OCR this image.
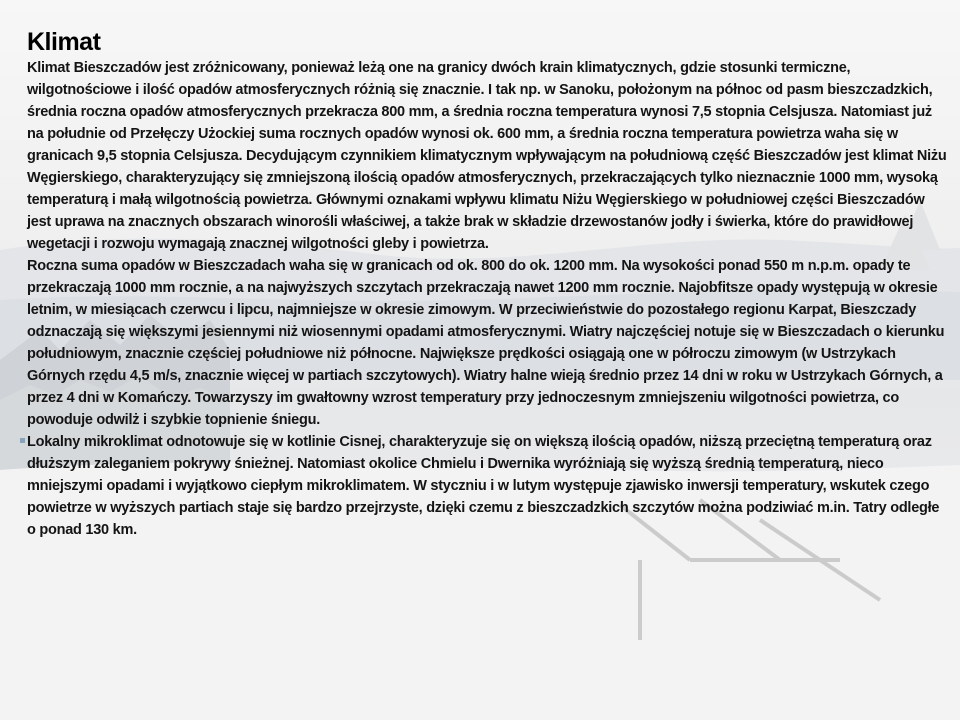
Klimat

Klimat Bieszczadów jest zróżnicowany, ponieważ leżą one na granicy dwóch krain klimatycznych, gdzie stosunki termiczne, wilgotnościowe i ilość opadów atmosferycznych różnią się znacznie. I tak np. w Sanoku, położonym na północ od pasm bieszczadzkich, średnia roczna opadów atmosferycznych przekracza 800 mm, a średnia roczna temperatura wynosi 7,5 stopnia Celsjusza. Natomiast już na południe od Przełęczy Użockiej suma rocznych opadów wynosi ok. 600 mm, a średnia roczna temperatura powietrza waha się w granicach 9,5 stopnia Celsjusza. Decydującym czynnikiem klimatycznym wpływającym na południową część Bieszczadów jest klimat Niżu Węgierskiego, charakteryzujący się zmniejszoną ilością opadów atmosferycznych, przekraczających tylko nieznacznie 1000 mm, wysoką temperaturą i małą wilgotnością powietrza. Głównymi oznakami wpływu klimatu Niżu Węgierskiego w południowej części Bieszczadów jest uprawa na znacznych obszarach winorośli właściwej, a także brak w składzie drzewostanów jodły i świerka, które do prawidłowej wegetacji i rozwoju wymagają znacznej wilgotności gleby i powietrza.

Roczna suma opadów w Bieszczadach waha się w granicach od ok. 800 do ok. 1200 mm. Na wysokości ponad 550 m n.p.m. opady te przekraczają 1000 mm rocznie, a na najwyższych szczytach przekraczają nawet 1200 mm rocznie. Najobfitsze opady występują w okresie letnim, w miesiącach czerwcu i lipcu, najmniejsze w okresie zimowym. W przeciwieństwie do pozostałego regionu Karpat, Bieszczady odznaczają się większymi jesiennymi niż wiosennymi opadami atmosferycznymi. Wiatry najczęściej notuje się w Bieszczadach o kierunku południowym, znacznie częściej południowe niż północne. Największe prędkości osiągają one w półroczu zimowym (w Ustrzykach Górnych rzędu 4,5 m/s, znacznie więcej w partiach szczytowych). Wiatry halne wieją średnio przez 14 dni w roku w Ustrzykach Górnych, a przez 4 dni w Komańczy. Towarzyszy im gwałtowny wzrost temperatury przy jednoczesnym zmniejszeniu wilgotności powietrza, co powoduje odwilż i szybkie topnienie śniegu.

Lokalny mikroklimat odnotowuje się w kotlinie Cisnej, charakteryzuje się on większą ilością opadów, niższą przeciętną temperaturą oraz dłuższym zaleganiem pokrywy śnieżnej. Natomiast okolice Chmielu i Dwernika wyróżniają się wyższą średnią temperaturą, nieco mniejszymi opadami i wyjątkowo ciepłym mikroklimatem. W styczniu i w lutym występuje zjawisko inwersji temperatury, wskutek czego powietrze w wyższych partiach staje się bardzo przejrzyste, dzięki czemu z bieszczadzkich szczytów można podziwiać m.in. Tatry odległe o ponad 130 km.
